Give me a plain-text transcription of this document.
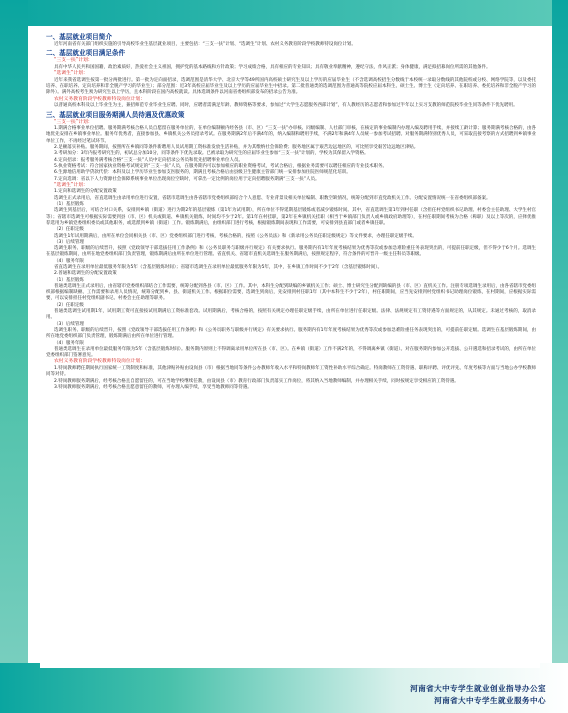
一、基层就业项目简介

近年河南省有关部门组织实施的引导高校毕业生基层就业项目，主要包括：“三支一扶”计划、“选调生”计划、农村义务教育阶段学校教师特设岗位计划。

二、基层就业项目满足条件
“三支一扶”计划：

具有中华人民共和国国籍，政治素质好，热爱社会主义祖国，拥护党的基本路线和方针政策；学习成绩合格，具有相应的专业知识；具有敬业奉献精神，遵纪守法，作风正派；身体健康，满足拟招募岗位所需的其他条件。

“选调生”计划：

近年来我省选调生按第一批分两批进行。第一批为定向面招录，选调范围是清华大学、北京大学等49所国内高校硕士研究生及以上学历的应届毕业生（不含选调高校招生分数线于本校统一录取分数线的其他院校或分校、网络学院等，以及委托培养、在职培养、定向培养和非全脱产学习的毕业生）；部分范围：近3年高校应届毕业生及以上学历的应届毕业生中招录。第二批普通类的选调范围为普通高等院校应届本科生、硕士生、博士生（定向培养、在职培养、委托培养和非全脱产学习的除外）。满外高校考生须为研究生以上学历，且本科阶段在国内高校就读。具体选调条件以河南省委组织部发布的招录公告为准。

农村义务教育阶段学校教师特设岗位计划：

以普通高校本科及以上毕业生为主，兼招师范专业毕业生应聘。同时，应聘者需满足年龄、教师资格等要求，参加过“大学生志愿服务西部计划”，有人教经历的志愿者和参加过半年以上实习支教的师范院校毕业生同等条件下优先聘用。

三、基层就业项目服务期满人员待遇及优惠政策
“三支一扶”计划：

1.期满合格事业单位招聘。服务期满考核合格人员自愿留在服务单位的，在单位编制额内经各县（市、区）“三支一扶”办审核、同级编制、人社部门审核，在核定的事业编制内办理入编及聘用手续，并接续工龄计算；服务期满考核合格的，由各地优先安排在乡镇事业单位。服务年优秀者，直接参加县、乡镇机关公务员招录考试。在服务期满2年后不满4年的，纳入编制和聘用手续，不满2年和满4年人员统一参加考试招聘。对服务期满特别优秀人员，可采取直接考察的方式招聘到乡镇事业单位工作，不再经过笔试环节。

2.足额落实补贴。服务期间，按照所在乡镇同等条件新聘用人员试用期工资标准发放生活补贴，并为其缴纳社会保险费；服务地区属于艰苦边远地区的，可比照享受艰苦边远地区津贴。

3.考研加分：3年内报考研究生的，初试总分加10分，同等条件下优先录取。已被录取为研究生的应届毕业生参加“三支一扶”计划的，学校为其保留入学资格。

4.定向招录：报考服务满考核合格“三支一扶”人员中定向招录公务员和优先招聘事业单位人员。

5.执业资格考试：符合国家执业资格考试规定的“三支一扶”人员，在服务期内可以参加相应的职业资格考试，考试合格后，根据业务需要可以聘任相应的专业技术职务。

6.生源地信用助学贷款代偿：本科及以上学历毕业生参加支医服务的，期满且考核合格后由县级卫生健康主管部门统一安排参加住院医师规范化培训。

7.定向选调：省以下人力资源社会保障系统事业单位出现岗位空缺时，可拿出一定比例的岗位用于定向招聘服务期满“三支一扶”人员。

“选调生”计划：

1.定向和选调生的分配安置政策

选调生正式录用后，省直选调生由录用单位进行安置，省辖市选调生由各省辖市党委组织部结合个人意愿、专业背景及相关单位编制、职数空缺情况，统筹分配到市直党政机关工作。分配安置情况统一在省委组织部备案。

（1）基层锻炼

选调生到基层后，可结合对口关系，安排到乡镇（街道）进行为期2年的基层锻炼（第1年为试用期），所在单位不得延期基层锻炼或者减少锻炼时间。其中，省直选调生第1年到村任职（含担任村党组织书记助理、村委会主任助理、大学生村官等）；省辖市选调生可根据实际需要到县（市、区）机关或街道、乡镇机关锻炼，时间均不少于2年。第1年在村挂职，第2年在乡镇机关挂职（相当于乡镇部门负责人或乡镇政府助理等），在村任职期间考核为合格（称职）及以上等次的，应择优推荐选用为乡镇党委组织委员或其他职务，或选派到乡镇（街道）工作。锻炼期满后，由组织部门进行考核，根据锻炼期间表现和工作需要，可安排到县直部门或者乡镇任职。

（2）任职定级

选调生1年试用期满后，由所在单位会同相关县（市、区）党委组织部门进行考核，考核合格的，按照《公务员法》和《新录用公务员任职定级规定》等文件要求，办理任职定级手续。

（3）后续管理

选调生职务、职级的后续晋升，按照《党政领导干部选拔任用工作条例》和《公务员职务与职级并行规定》有关要求执行。服务期内有1年年度考核结果为优秀等次或参加急难险重任务表现突出的，可提前任职定级，但不得少于6个月。选调生在基层锻炼期间，由所在地党委组织部门负责管理，锻炼期满后由所在单位进行管理。省直机关、省辖市直机关选调生在服务期满后，按照规定程序，符合条件的可晋升一级主任科员等职级。

（4）服务年限

省直选调生在录用单位最低服务年限为5年（含基层锻炼时间）；省辖市选调生在录用单位最低服务年限为5年，其中，在乡镇工作时间不少于2年（含基层锻炼时间）。

2.普通和选调生的分配安置政策

（1）基层锻炼

普通类选调生正式录用后，由省辖市党委组织部结合工作需要，统筹分配到各县（市、区）工作。其中，本科生分配到缺编的乡镇机关工作；硕士、博士研究生分配到缺编的县（市、区）直机关工作。注册专项选调生录用后，由各省辖市党委组织部根据编制缺额、工作需要和录用人员情况，统筹分配到乡、县、街道机关工作。根据职位需要，选调生到岗后，先安排到村任职1年（其中本科生不少于2年），村任职期间，应当先安排到村党组织书记助理岗位锻炼，在村期间，应根据实际需要，可以安排担任村党组织副书记、村委会主任助理等职务。

（2）任职定级

普通类选调生试用期1年，试用期工资可直接按试用期满后工资标准套改。试用期满后，考核合格的，按照有关规定办理任职定级手续，由所在单位进行任职定级。法律、法规规定有工资待遇等方面规定的，从其规定。未通过考核的，取消录用。

（3）后续管理

选调生职务、职级的后续晋升，按照《党政领导干部选拔任用工作条例》和《公务员职务与职级并行规定》有关要求执行。服务期内有1年年度考核结果为优秀等次或参加急难险重任务表现突出的，可提前任职定级。选调生在基层锻炼期间，由所在地党委组织部门负责管理，锻炼期满后由所在单位进行管理。

（4）服务年限

普通类选调生在录用单位最低服务年限为5年（含基层锻炼时间）。服务期内原则上不得调离录用单位所在县（市、区）。在乡镇（街道）工作不满2年的，不得调离乡镇（街道）。对在服务期内参加公开选拔、公开遴选和招录考试的，由所在单位党委组织部门签署意见。

农村义务教育阶段学校教师特设岗位计划：

1.特岗教师聘任期间执行国家统一工资制度和标准，其他津贴补贴由设岗县（市）根据当地同等条件公办教师年收入水平和特岗教师年工资性补助水平综合确定。特岗教师在工资待遇、职称评聘、评优评先、年度考核等方面与当地公办学校教师同等对待。

2.特岗教师服务期满后，经考核合格且自愿留任的，可在当地学校继续任教，由设岗县（市）教育行政部门负责落实工作岗位，将其纳入当地教师编制，并办理相关手续，同时按规定享受相应的工资待遇。

3.特岗教师服务期满后，经考核合格且愿意留任的教师，可办理入编手续，享受当地教师同等待遇。

河南省大中专学生就业创业指导办公室
河南省大中专学生就业服务中心
